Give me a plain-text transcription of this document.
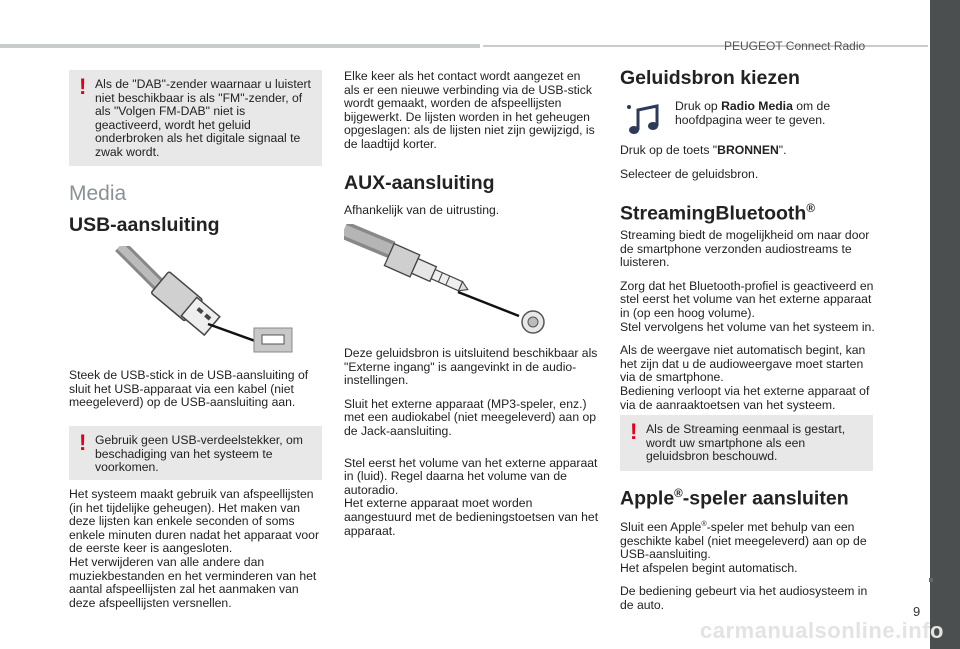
PEUGEOT Connect Radio
9
! Als de "DAB"-zender waarnaar u luistert niet beschikbaar is als "FM"-zender, of als "Volgen FM-DAB" niet is geactiveerd, wordt het geluid onderbroken als het digitale signaal te zwak wordt.
Media
USB-aansluiting

Steek de USB-stick in de USB-aansluiting of sluit het USB-apparaat via een kabel (niet meegeleverd) op de USB-aansluiting aan.

! Gebruik geen USB-verdeelstekker, om beschadiging van het systeem te voorkomen.
Het systeem maakt gebruik van afspeellijsten (in het tijdelijke geheugen). Het maken van deze lijsten kan enkele seconden of soms enkele minuten duren nadat het apparaat voor de eerste keer is aangesloten.
Het verwijderen van alle andere dan muziekbestanden en het verminderen van het aantal afspeellijsten zal het aanmaken van deze afspeellijsten versnellen.

Elke keer als het contact wordt aangezet en als er een nieuwe verbinding via de USB-stick wordt gemaakt, worden de afspeellijsten bijgewerkt. De lijsten worden in het geheugen opgeslagen: als de lijsten niet zijn gewijzigd, is de laadtijd korter.

AUX-aansluiting

Afhankelijk van de uitrusting.

Deze geluidsbron is uitsluitend beschikbaar als "Externe ingang" is aangevinkt in de audio-instellingen.

Sluit het externe apparaat (MP3-speler, enz.) met een audiokabel (niet meegeleverd) aan op de Jack-aansluiting.

Stel eerst het volume van het externe apparaat in (luid). Regel daarna het volume van de autoradio.
Het externe apparaat moet worden aangestuurd met de bedieningstoetsen van het apparaat.
Geluidsbron kiezen
Druk op Radio Media om de hoofdpagina weer te geven.

Druk op de toets "BRONNEN".

Selecteer de geluidsbron.

StreamingBluetooth®

Streaming biedt de mogelijkheid om naar door de smartphone verzonden audiostreams te luisteren.

Zorg dat het Bluetooth-profiel is geactiveerd en stel eerst het volume van het externe apparaat in (op een hoog volume).
Stel vervolgens het volume van het systeem in.

Als de weergave niet automatisch begint, kan het zijn dat u de audioweergave moet starten via de smartphone.
Bediening verloopt via het externe apparaat of via de aanraaktoetsen van het systeem.

! Als de Streaming eenmaal is gestart, wordt uw smartphone als een geluidsbron beschouwd.
Apple®-speler aansluiten

Sluit een Apple®-speler met behulp van een geschikte kabel (niet meegeleverd) aan op de USB-aansluiting.
Het afspelen begint automatisch.

De bediening gebeurt via het audiosysteem in de auto.

carmanualsonline.info
